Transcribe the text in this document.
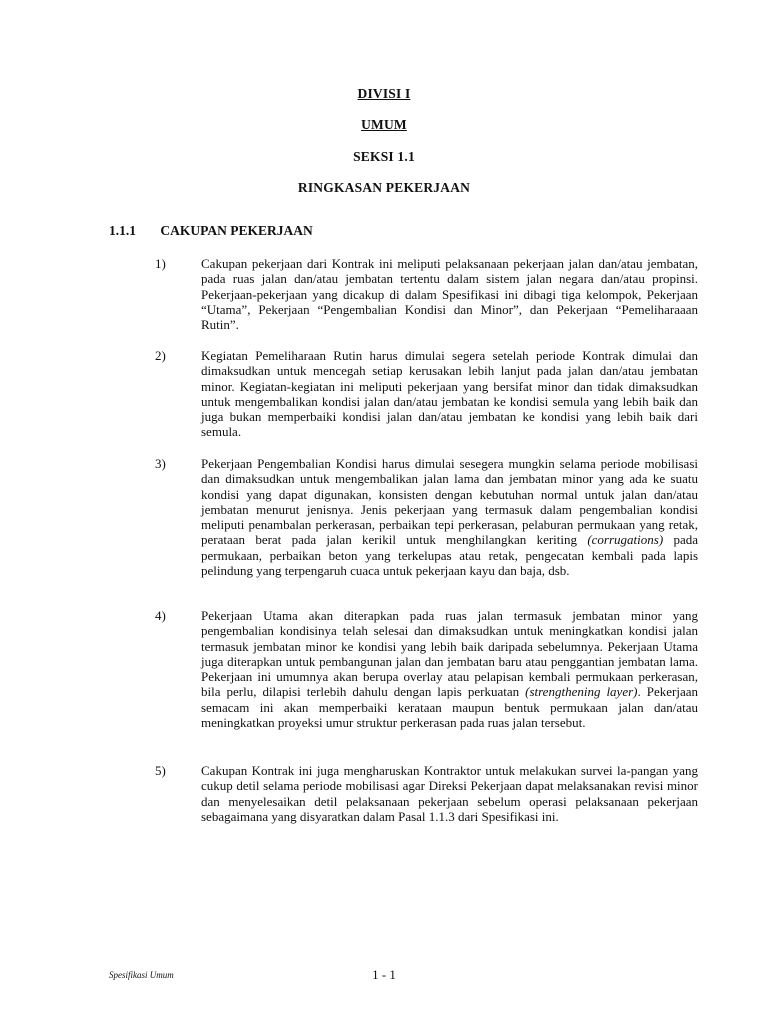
DIVISI I
UMUM
SEKSI 1.1
RINGKASAN PEKERJAAN
1.1.1 CAKUPAN PEKERJAAN
1)	Cakupan pekerjaan dari Kontrak ini meliputi pelaksanaan pekerjaan jalan dan/atau jembatan, pada ruas jalan dan/atau jembatan tertentu dalam sistem jalan negara dan/atau propinsi. Pekerjaan-pekerjaan yang dicakup di dalam Spesifikasi ini dibagi tiga kelompok, Pekerjaan “Utama”, Pekerjaan “Pengembalian Kondisi dan Minor”, dan Pekerjaan “Pemeliharaaan Rutin”.
2)	Kegiatan Pemeliharaan Rutin harus dimulai segera setelah periode Kontrak dimulai dan dimaksudkan untuk mencegah setiap kerusakan lebih lanjut pada jalan dan/atau jembatan minor. Kegiatan-kegiatan ini meliputi pekerjaan yang bersifat minor dan tidak dimaksudkan untuk mengembalikan kondisi jalan dan/atau jembatan ke kondisi semula yang lebih baik dan juga bukan memperbaiki kondisi jalan dan/atau jembatan ke kondisi yang lebih baik dari semula.
3)	Pekerjaan Pengembalian Kondisi harus dimulai sesegera mungkin selama periode mobilisasi dan dimaksudkan untuk mengembalikan jalan lama dan jembatan minor yang ada ke suatu kondisi yang dapat digunakan, konsisten dengan kebutuhan normal untuk jalan dan/atau jembatan menurut jenisnya. Jenis pekerjaan yang termasuk dalam pengembalian kondisi meliputi penambalan perkerasan, perbaikan tepi perkerasan, pelaburan permukaan yang retak, perataan berat pada jalan kerikil untuk menghilangkan keriting (corrugations) pada permukaan, perbaikan beton yang terkelupas atau retak, pengecatan kembali pada lapis pelindung yang terpengaruh cuaca untuk pekerjaan kayu dan baja, dsb.
4)	Pekerjaan Utama akan diterapkan pada ruas jalan termasuk jembatan minor yang pengembalian kondisinya telah selesai dan dimaksudkan untuk meningkatkan kondisi jalan termasuk jembatan minor ke kondisi yang lebih baik daripada sebelumnya. Pekerjaan Utama juga diterapkan untuk pembangunan jalan dan jembatan baru atau penggantian jembatan lama. Pekerjaan ini umumnya akan berupa overlay atau pelapisan kembali permukaan perkerasan, bila perlu, dilapisi terlebih dahulu dengan lapis perkuatan (strengthening layer). Pekerjaan semacam ini akan memperbaiki kerataan maupun bentuk permukaan jalan dan/atau meningkatkan proyeksi umur struktur perkerasan pada ruas jalan tersebut.
5)	Cakupan Kontrak ini juga mengharuskan Kontraktor untuk melakukan survei la-pangan yang cukup detil selama periode mobilisasi agar Direksi Pekerjaan dapat melaksanakan revisi minor dan menyelesaikan detil pelaksanaan pekerjaan sebelum operasi pelaksanaan pekerjaan sebagaimana yang disyaratkan dalam Pasal 1.1.3 dari Spesifikasi ini.
Spesifikasi Umum	1 - 1
